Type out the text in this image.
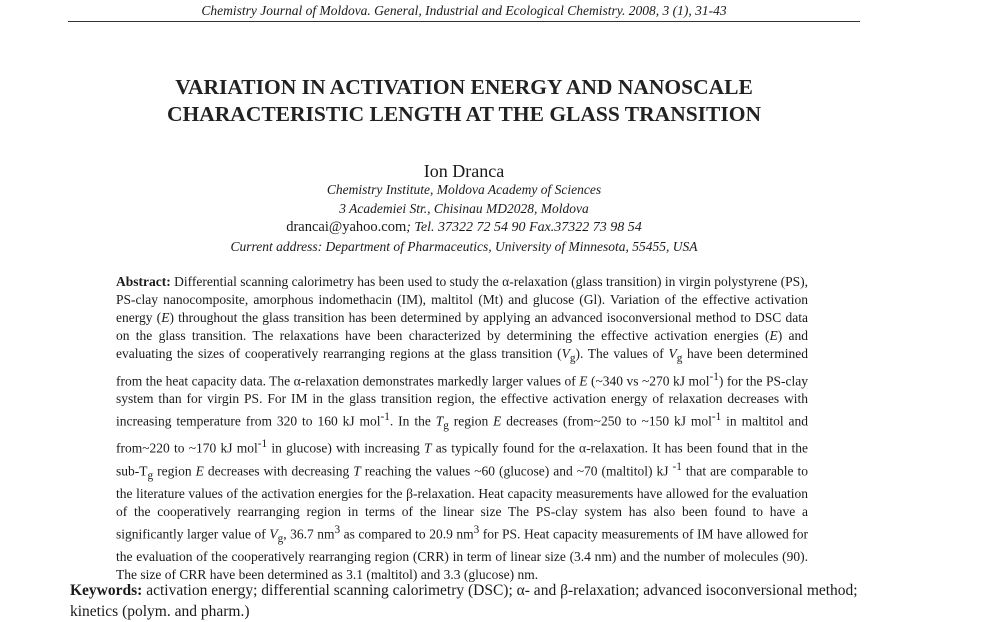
Chemistry Journal of Moldova. General, Industrial and Ecological Chemistry. 2008, 3 (1), 31-43
VARIATION IN ACTIVATION ENERGY AND NANOSCALE
CHARACTERISTIC LENGTH AT THE GLASS TRANSITION

Ion Dranca

Chemistry Institute, Moldova Academy of Sciences
3 Academiei Str., Chisinau MD2028, Moldova
drancai@yahoo.com; Tel. 37322 72 54 90 Fax.37322 73 98 54
Current address: Department of Pharmaceutics, University of Minnesota, 55455, USA

Abstract: Differential scanning calorimetry has been used to study the α-relaxation (glass transition) in virgin polystyrene (PS), PS-clay nanocomposite, amorphous indomethacin (IM), maltitol (Mt) and glucose (Gl). Variation of the effective activation energy (E) throughout the glass transition has been determined by applying an advanced isoconversional method to DSC data on the glass transition. The relaxations have been characterized by determining the effective activation energies (E) and evaluating the sizes of cooperatively rearranging regions at the glass transition $(V_g)$. The values of $V_g$ have been determined from the heat capacity data. The α-relaxation demonstrates markedly larger values of E (~340 vs ~270 kJ mol$^{-1}$) for the PS-clay system than for virgin PS. For IM in the glass transition region, the effective activation energy of relaxation decreases with increasing temperature from 320 to 160 kJ mol$^{-1}$. In the $T_g$ region E decreases (from~250 to ~150 kJ mol$^{-1}$ in maltitol and from~220 to ~170 kJ mol$^{-1}$ in glucose) with increasing T as typically found for the α-relaxation. It has been found that in the sub-$T_g$ region E decreases with decreasing T reaching the values ~60 (glucose) and ~70 (maltitol) kJ $^{-1}$ that are comparable to the literature values of the activation energies for the β-relaxation. Heat capacity measurements have allowed for the evaluation of the cooperatively rearranging region in terms of the linear size The PS-clay system has also been found to have a significantly larger value of $V_g$, 36.7 $nm^3$ as compared to 20.9 $nm^3$ for PS. Heat capacity measurements of IM have allowed for the evaluation of the cooperatively rearranging region (CRR) in term of linear size (3.4 nm) and the number of molecules (90). The size of CRR have been determined as 3.1 (maltitol) and 3.3 (glucose) nm.

Keywords: activation energy; differential scanning calorimetry (DSC); α- and β-relaxation; advanced isoconversional method; kinetics (polym. and pharm.)
